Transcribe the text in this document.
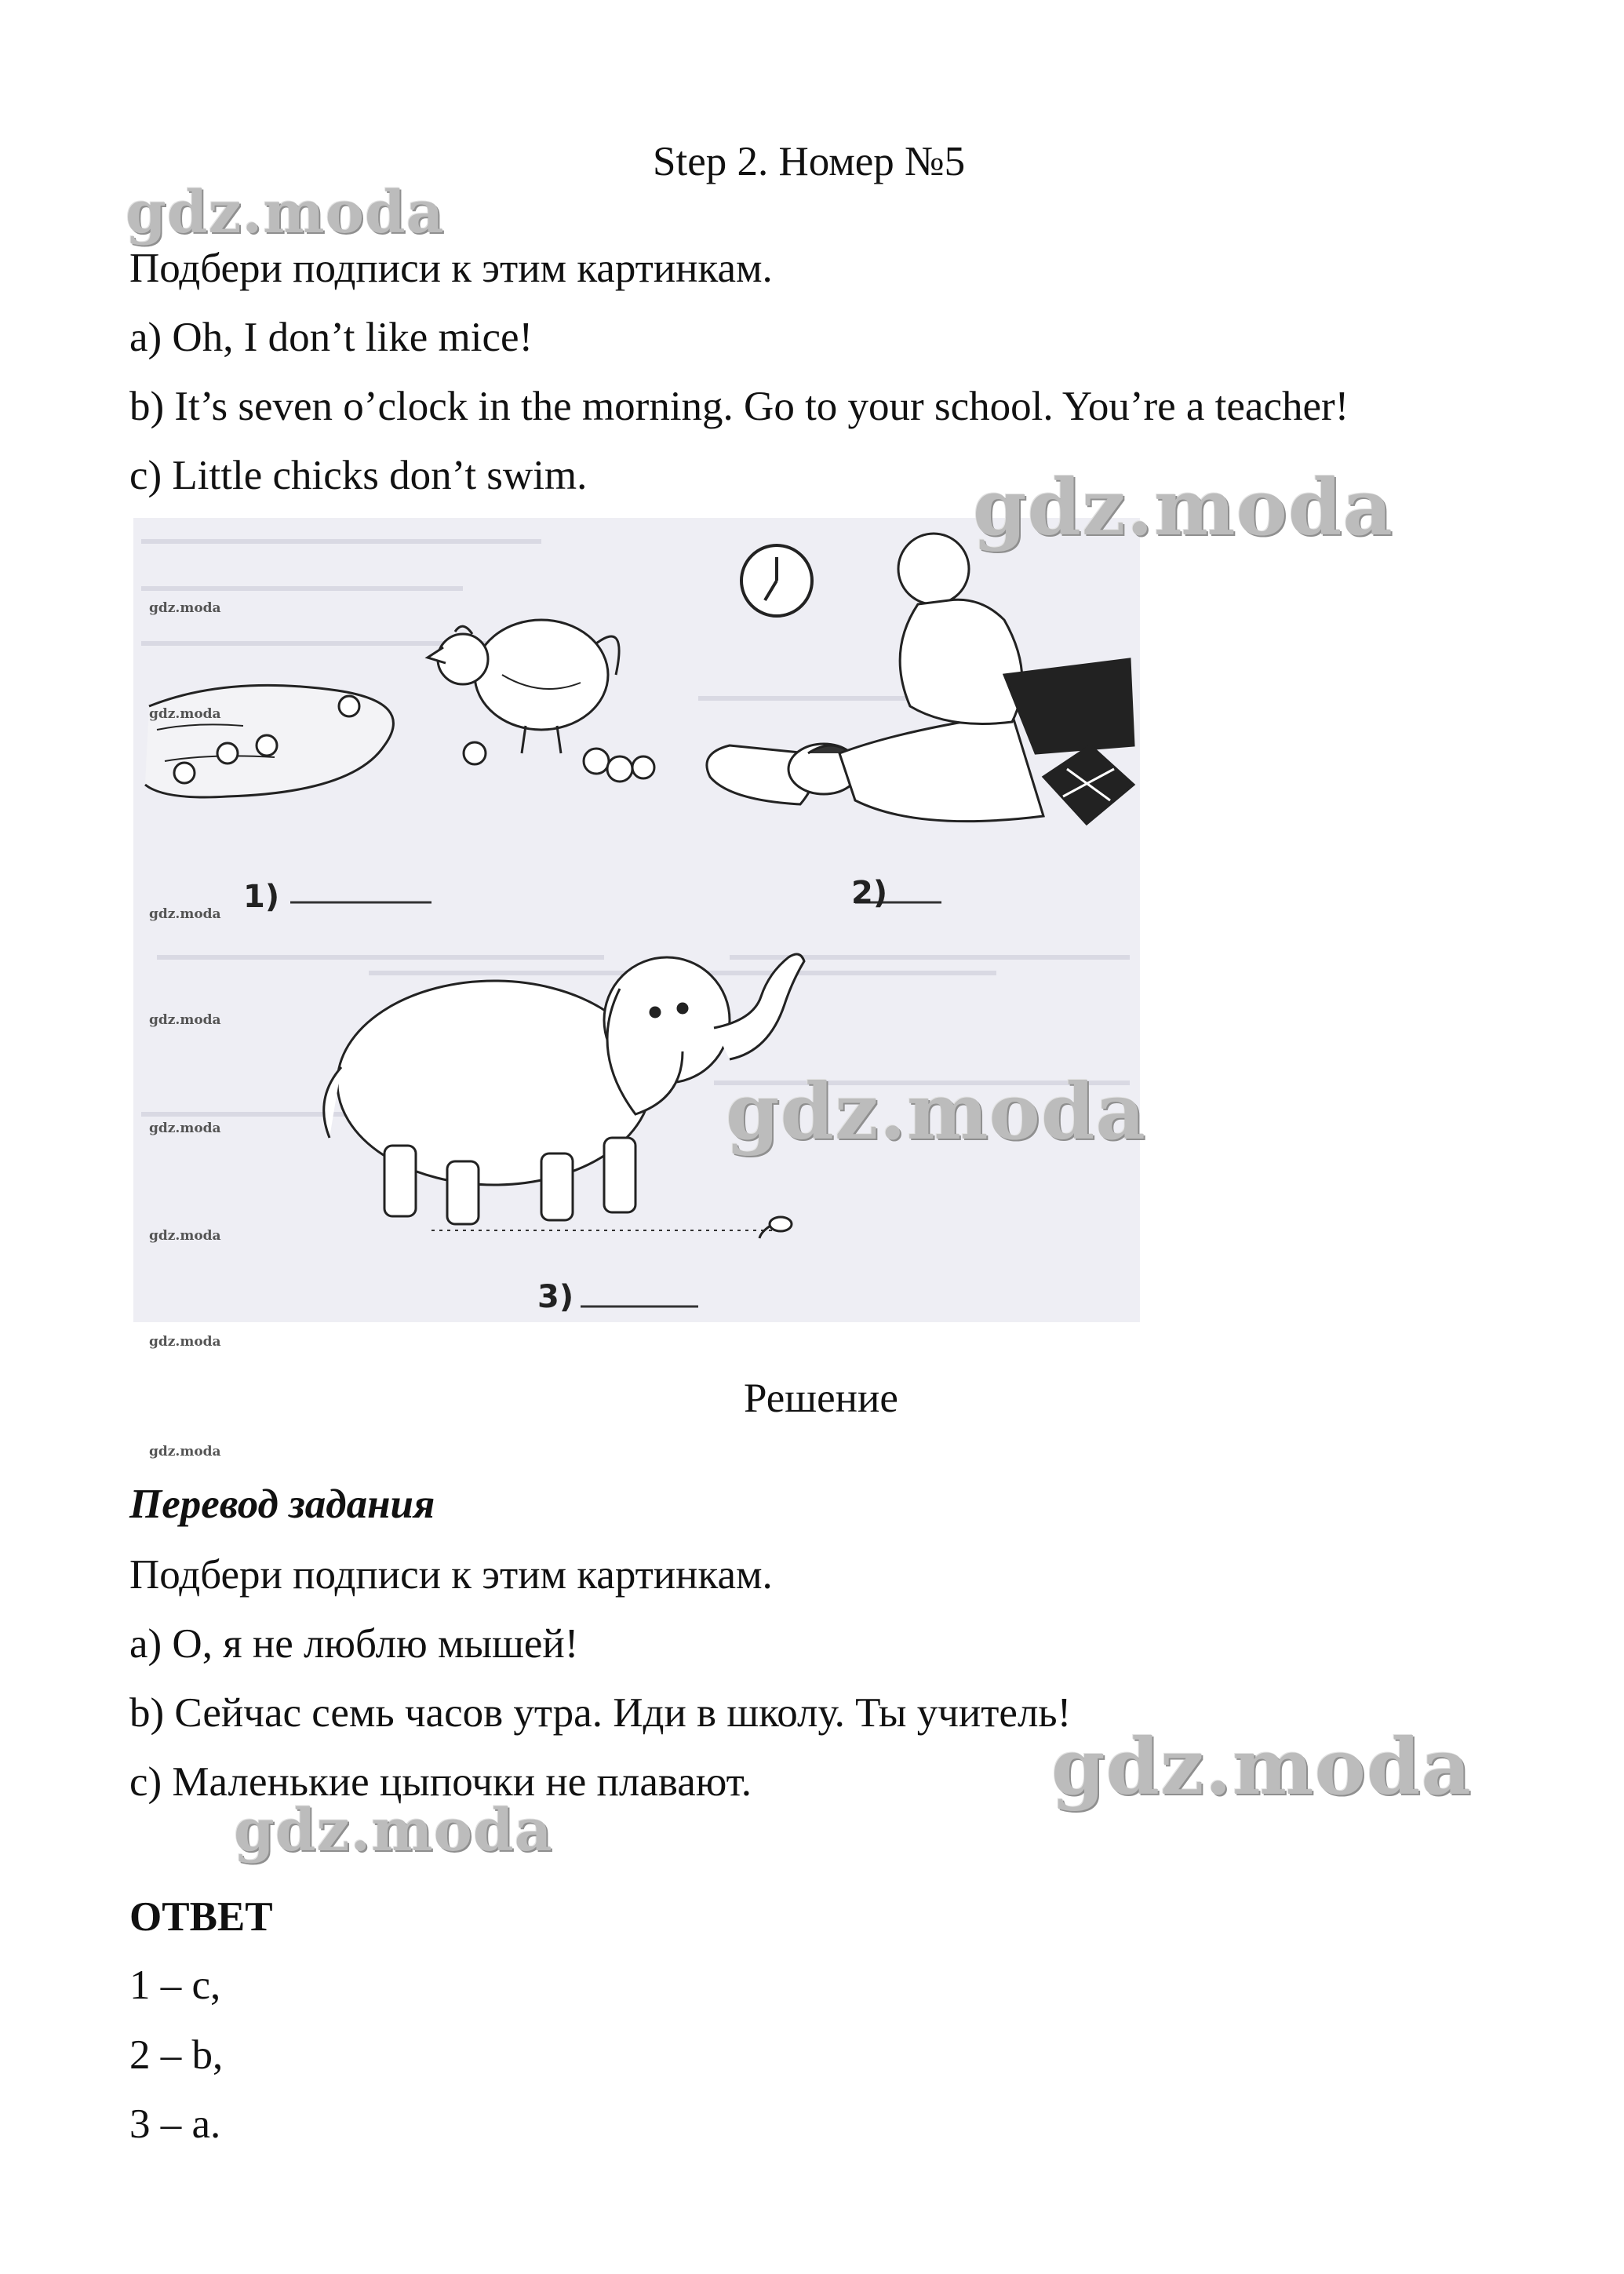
Step 2. Номер №5
gdz.moda
Подбери подписи к этим картинкам.
a) Oh, I don’t like mice!
b) It’s seven o’clock in the morning. Go to your school. You’re a teacher!
c) Little chicks don’t swim.
1)	2)
3)
gdz.moda
gdz.moda
gdz.moda
gdz.moda
gdz.moda
gdz.moda
gdz.moda
gdz.moda
gdz.moda
gdz.moda
Решение
Перевод задания
Подбери подписи к этим картинкам.
a) О, я не люблю мышей!
b) Сейчас семь часов утра. Иди в школу. Ты учитель!
c) Маленькие цыпочки не плавают.	gdz.moda
gdz.moda
ОТВЕТ
1 – c,
2 – b,
3 – a.
